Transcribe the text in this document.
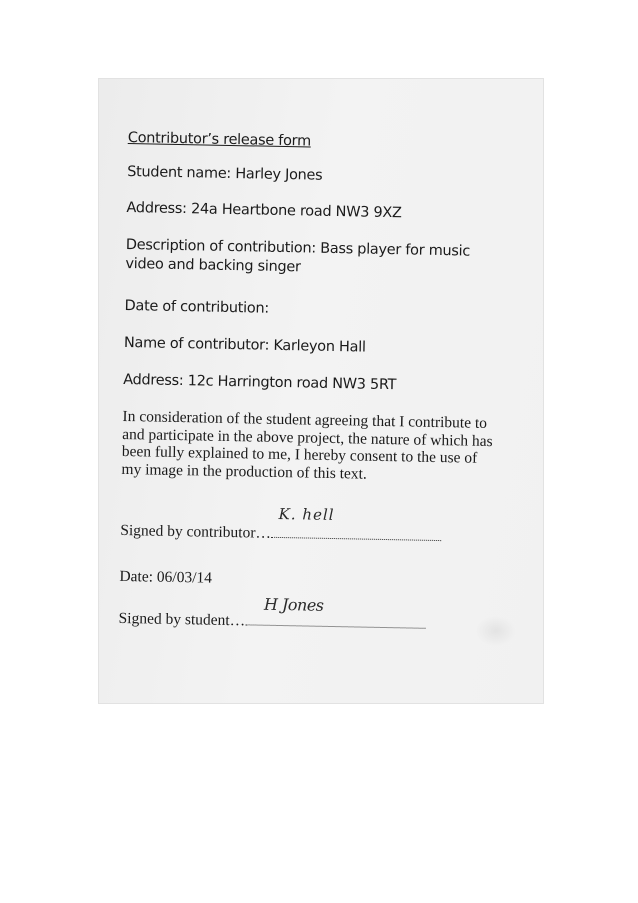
Contributor’s release form
Student name: Harley Jones
Address: 24a Heartbone road NW3 9XZ
Description of contribution: Bass player for music video and backing singer
Date of contribution:
Name of contributor: Karleyon Hall
Address: 12c Harrington road NW3 5RT
In consideration of the student agreeing that I contribute to and participate in the above project, the nature of which has been fully explained to me, I hereby consent to the use of my image in the production of this text.
Signed by contributor…
K. hell
Date: 06/03/14
Signed by student…
H Jones
